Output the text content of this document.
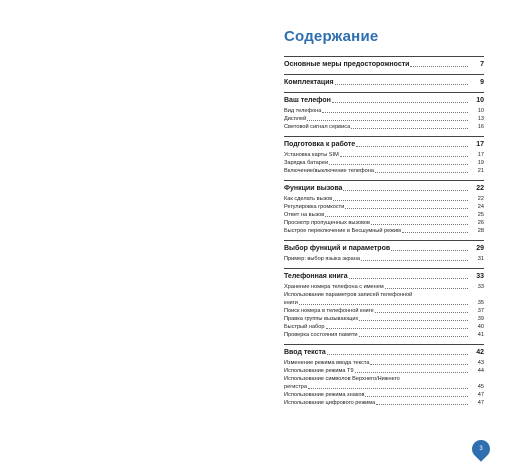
Содержание
Основные меры предосторожности	7
Комплектация	9
Ваш телефон	10
Вид телефона	10
Дисплей	13
Световой сигнал сервиса	16
Подготовка к работе	17
Установка карты SIM	17
Зарядка батареи	19
Включение/выключение телефона	21
Функции вызова	22
Как сделать вызов	22
Регулировка громкости	24
Ответ на вызов	25
Просмотр пропущенных вызовов	26
Быстрое переключение в Бесшумный режим	28
Выбор функций и параметров	29
Пример: выбор языка экрана	31
Телефонная книга	33
Хранение номера телефона с именем	33
Использование параметров записей телефонной
книги	35
Поиск номера в телефонной книге	37
Правка группы вызывающих	39
Быстрый набор	40
Проверка состояния памяти	41
Ввод текста	42
Изменение режима ввода текста	43
Использование режима Т9	44
Использование символов Верхнего/Нижнего
регистра	45
Использование режима знаков	47
Использование цифрового режима	47
3
